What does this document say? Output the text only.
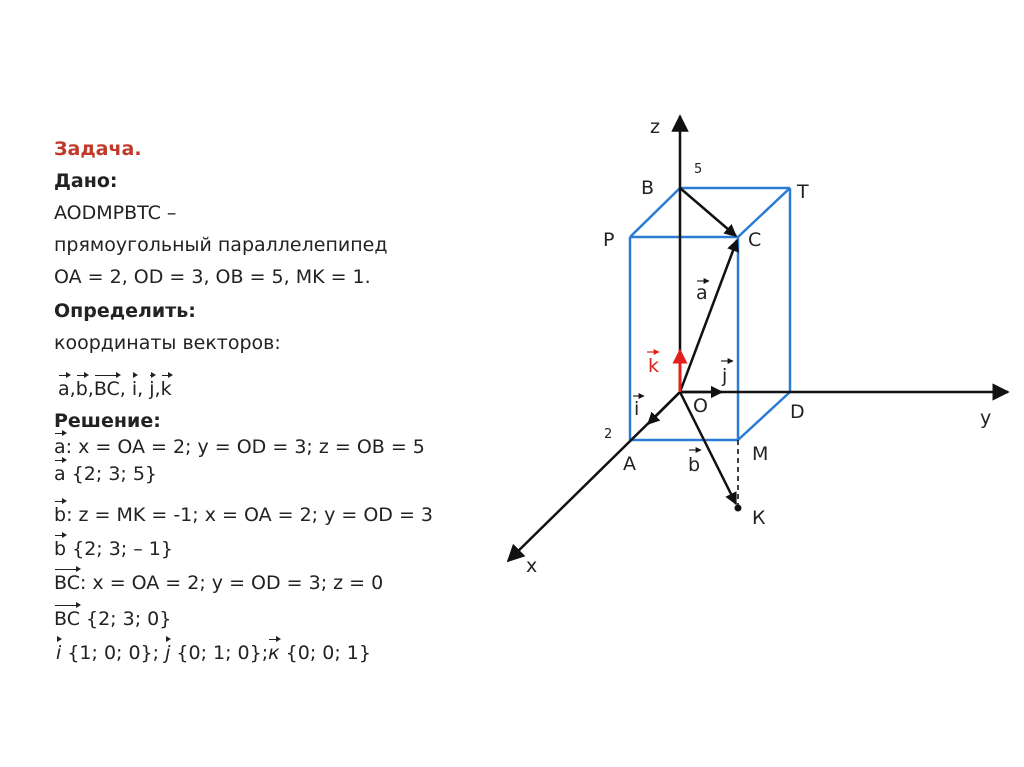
Задача.
Дано:
AODMPBTC –
прямоугольный параллелепипед
OA = 2, OD = 3, OB = 5, MK = 1.
Определить:
координаты векторов:
a,b,BC, i, j,k
Решение:
a: x = OA = 2; y = OD = 3; z = OB = 5
a {2; 3; 5}
b: z = MK = -1; x = OA = 2; y = OD = 3
b {2; 3; – 1}
BC: x = OA = 2; y = OD = 3; z = 0
BC {2; 3; 0}
i {1; 0; 0}; j {0; 1; 0};к {0; 0; 1}
z
y
x
B	T
P	C
O	D
A	M
К
5
2
a
b
i
j
k
